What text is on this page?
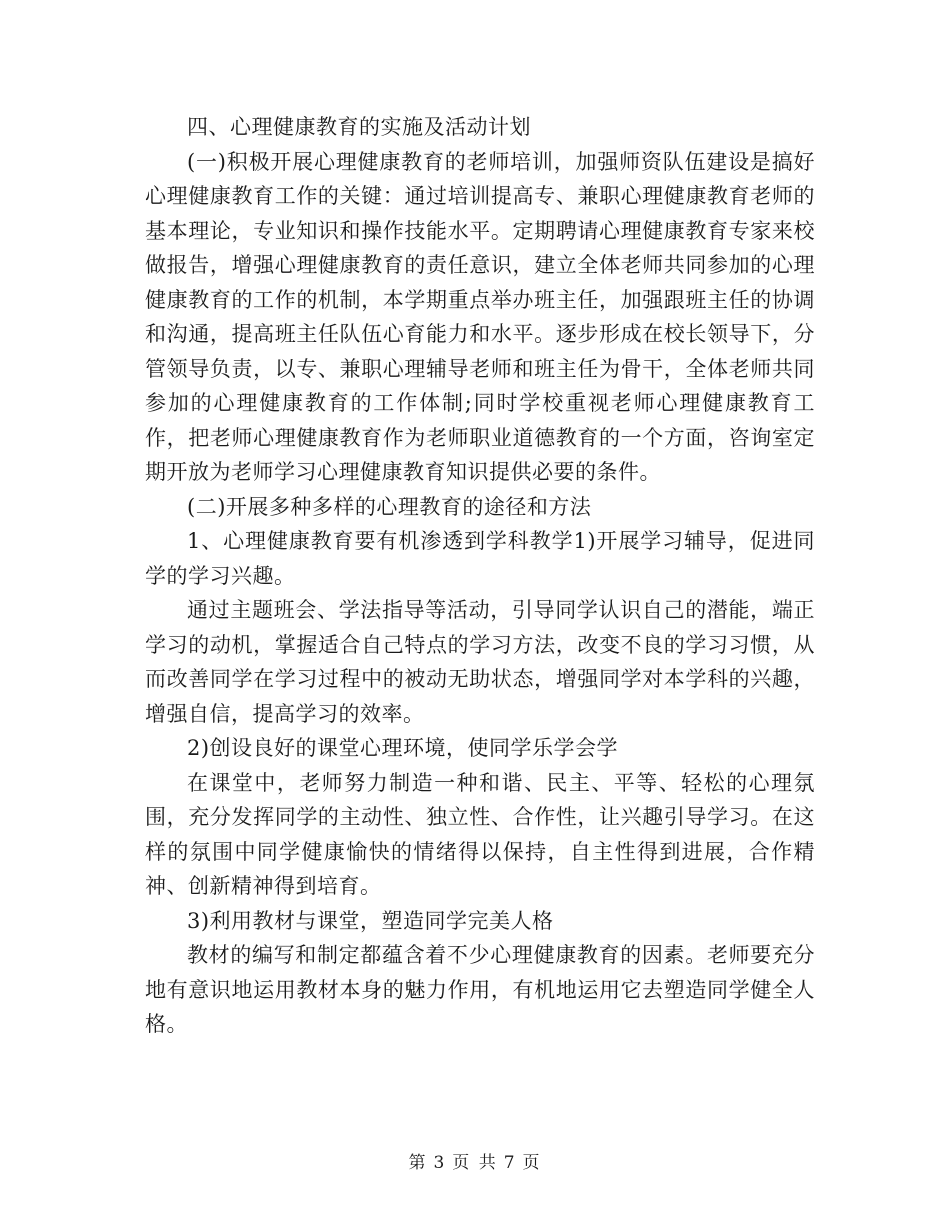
四、心理健康教育的实施及活动计划

(一)积极开展心理健康教育的老师培训，加强师资队伍建设是搞好心理健康教育工作的关键：通过培训提高专、兼职心理健康教育老师的基本理论，专业知识和操作技能水平。定期聘请心理健康教育专家来校做报告，增强心理健康教育的责任意识，建立全体老师共同参加的心理健康教育的工作的机制，本学期重点举办班主任，加强跟班主任的协调和沟通，提高班主任队伍心育能力和水平。逐步形成在校长领导下，分管领导负责，以专、兼职心理辅导老师和班主任为骨干，全体老师共同参加的心理健康教育的工作体制;同时学校重视老师心理健康教育工作，把老师心理健康教育作为老师职业道德教育的一个方面，咨询室定期开放为老师学习心理健康教育知识提供必要的条件。

(二)开展多种多样的心理教育的途径和方法

1、心理健康教育要有机渗透到学科教学1)开展学习辅导，促进同学的学习兴趣。

通过主题班会、学法指导等活动，引导同学认识自己的潜能，端正学习的动机，掌握适合自己特点的学习方法，改变不良的学习习惯，从而改善同学在学习过程中的被动无助状态，增强同学对本学科的兴趣，增强自信，提高学习的效率。

2)创设良好的课堂心理环境，使同学乐学会学

在课堂中，老师努力制造一种和谐、民主、平等、轻松的心理氛围，充分发挥同学的主动性、独立性、合作性，让兴趣引导学习。在这样的氛围中同学健康愉快的情绪得以保持，自主性得到进展，合作精神、创新精神得到培育。

3)利用教材与课堂，塑造同学完美人格

教材的编写和制定都蕴含着不少心理健康教育的因素。老师要充分地有意识地运用教材本身的魅力作用，有机地运用它去塑造同学健全人格。

第 3 页 共 7 页
